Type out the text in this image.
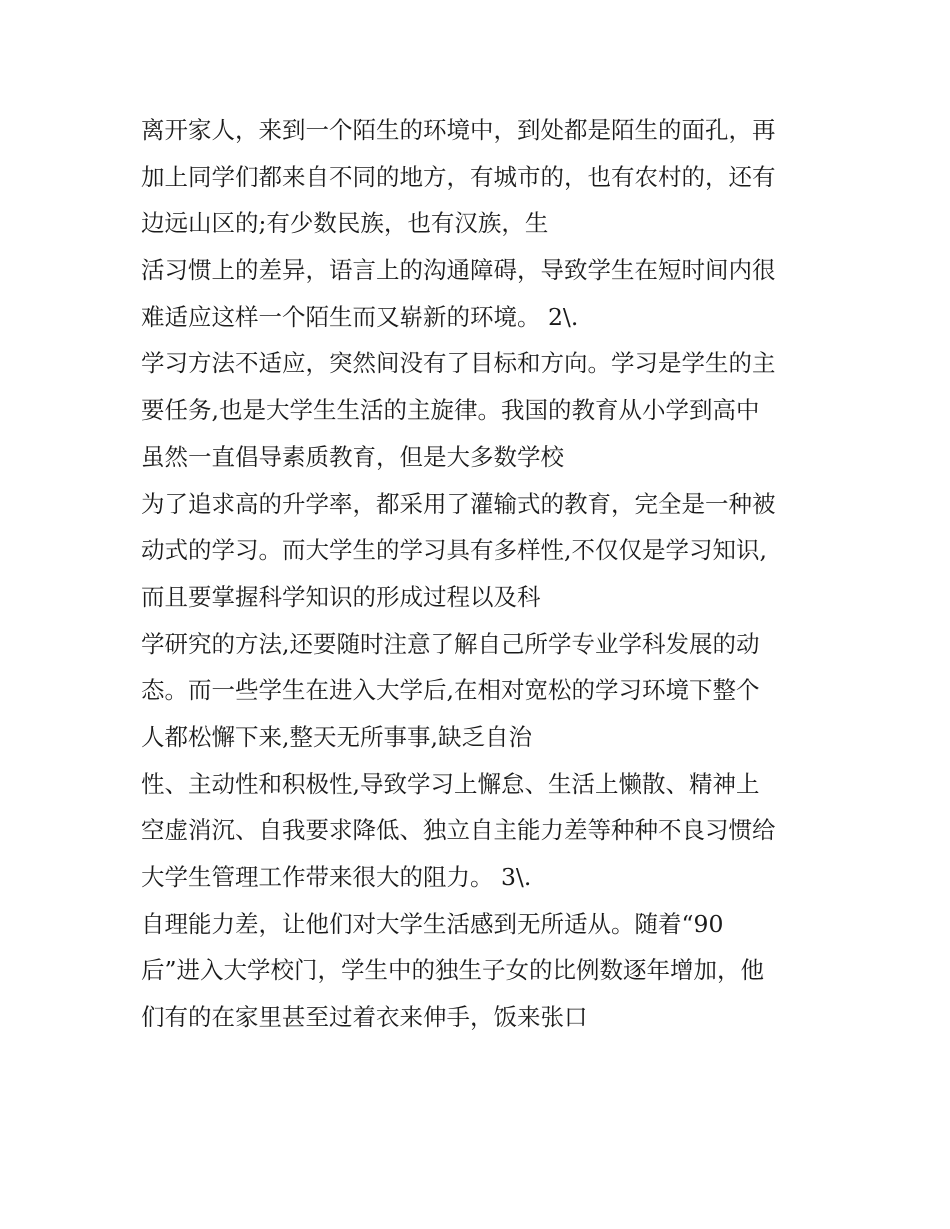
离开家人，来到一个陌生的环境中，到处都是陌生的面孔，再
加上同学们都来自不同的地方，有城市的，也有农村的，还有
边远山区的;有少数民族，也有汉族，生
活习惯上的差异，语言上的沟通障碍，导致学生在短时间内很
难适应这样一个陌生而又崭新的环境。 2\.
学习方法不适应，突然间没有了目标和方向。学习是学生的主
要任务,也是大学生生活的主旋律。我国的教育从小学到高中
虽然一直倡导素质教育，但是大多数学校
为了追求高的升学率，都采用了灌输式的教育，完全是一种被
动式的学习。而大学生的学习具有多样性,不仅仅是学习知识,
而且要掌握科学知识的形成过程以及科
学研究的方法,还要随时注意了解自己所学专业学科发展的动
态。而一些学生在进入大学后,在相对宽松的学习环境下整个
人都松懈下来,整天无所事事,缺乏自治
性、主动性和积极性,导致学习上懈怠、生活上懒散、精神上
空虚消沉、自我要求降低、独立自主能力差等种种不良习惯给
大学生管理工作带来很大的阻力。 3\.
自理能力差，让他们对大学生活感到无所适从。随着“90
后”进入大学校门，学生中的独生子女的比例数逐年增加，他
们有的在家里甚至过着衣来伸手，饭来张口
